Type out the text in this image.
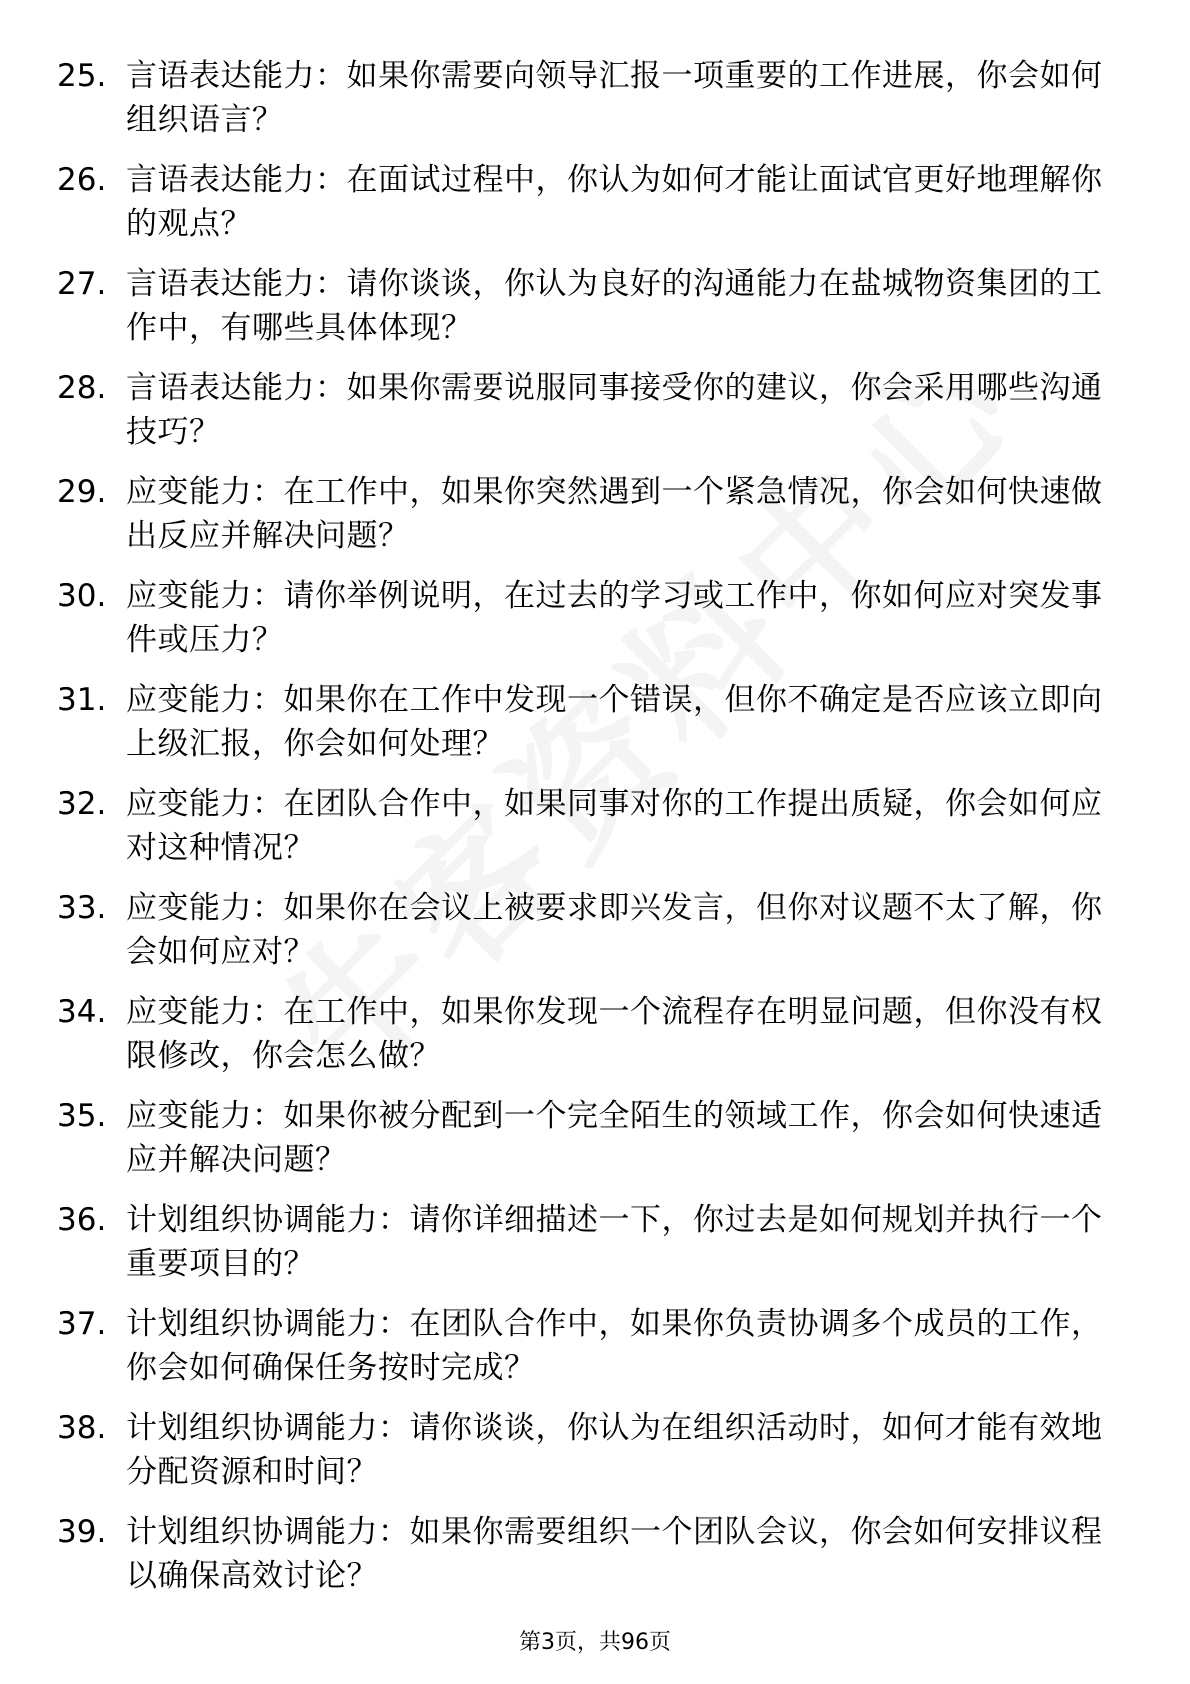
25. 言语表达能力：如果你需要向领导汇报一项重要的工作进展，你会如何组织语言？
26. 言语表达能力：在面试过程中，你认为如何才能让面试官更好地理解你的观点？
27. 言语表达能力：请你谈谈，你认为良好的沟通能力在盐城物资集团的工作中，有哪些具体体现？
28. 言语表达能力：如果你需要说服同事接受你的建议，你会采用哪些沟通技巧？
29. 应变能力：在工作中，如果你突然遇到一个紧急情况，你会如何快速做出反应并解决问题？
30. 应变能力：请你举例说明，在过去的学习或工作中，你如何应对突发事件或压力？
31. 应变能力：如果你在工作中发现一个错误，但你不确定是否应该立即向上级汇报，你会如何处理？
32. 应变能力：在团队合作中，如果同事对你的工作提出质疑，你会如何应对这种情况？
33. 应变能力：如果你在会议上被要求即兴发言，但你对议题不太了解，你会如何应对？
34. 应变能力：在工作中，如果你发现一个流程存在明显问题，但你没有权限修改，你会怎么做？
35. 应变能力：如果你被分配到一个完全陌生的领域工作，你会如何快速适应并解决问题？
36. 计划组织协调能力：请你详细描述一下，你过去是如何规划并执行一个重要项目的？
37. 计划组织协调能力：在团队合作中，如果你负责协调多个成员的工作，你会如何确保任务按时完成？
38. 计划组织协调能力：请你谈谈，你认为在组织活动时，如何才能有效地分配资源和时间？
39. 计划组织协调能力：如果你需要组织一个团队会议，你会如何安排议程以确保高效讨论？
第3页，共96页
